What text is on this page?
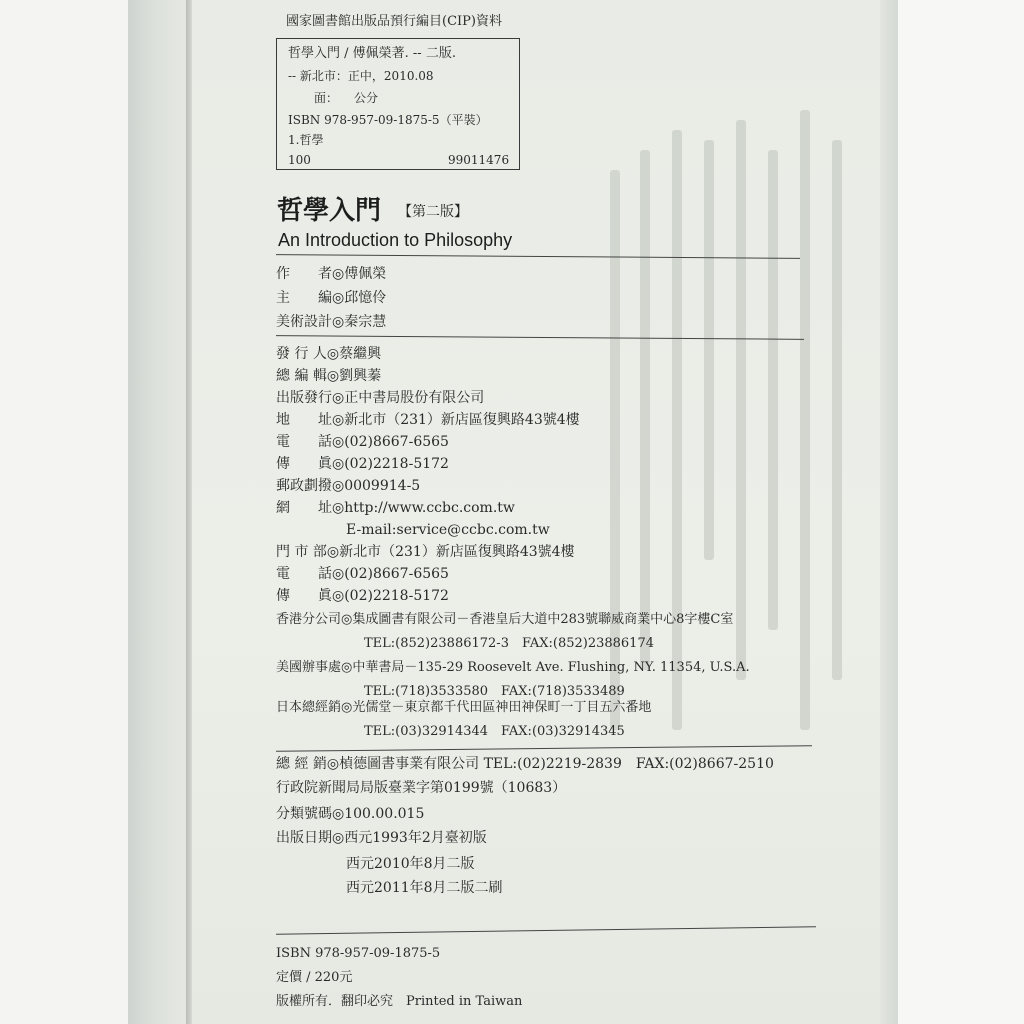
國家圖書館出版品預行編目(CIP)資料
哲學入門 / 傅佩榮著. -- 二版.
-- 新北市：正中，2010.08
面： 公分
ISBN 978-957-09-1875-5（平裝）
1.哲學
100	99011476
哲學入門 【第二版】
An Introduction to Philosophy
作　　者◎傅佩榮
主　　編◎邱憶伶
美術設計◎秦宗慧
發 行 人◎蔡繼興
總 編 輯◎劉興蓁
出版發行◎正中書局股份有限公司
地　　址◎新北市（231）新店區復興路43號4樓
電　　話◎(02)8667-6565
傳　　眞◎(02)2218-5172
郵政劃撥◎0009914-5
網　　址◎http://www.ccbc.com.tw
E-mail:service@ccbc.com.tw
門 市 部◎新北市（231）新店區復興路43號4樓
電　　話◎(02)8667-6565
傳　　眞◎(02)2218-5172
香港分公司◎集成圖書有限公司－香港皇后大道中283號聯威商業中心8字樓C室
TEL:(852)23886172-3　FAX:(852)23886174
美國辦事處◎中華書局－135-29 Roosevelt Ave. Flushing, NY. 11354, U.S.A.
TEL:(718)3533580　FAX:(718)3533489
日本總經銷◎光儒堂－東京都千代田區神田神保町一丁目五六番地
TEL:(03)32914344　FAX:(03)32914345
總 經 銷◎楨德圖書事業有限公司 TEL:(02)2219-2839　FAX:(02)8667-2510
行政院新聞局局版臺業字第0199號（10683）
分類號碼◎100.00.015
出版日期◎西元1993年2月臺初版
西元2010年8月二版
西元2011年8月二版二刷
ISBN 978-957-09-1875-5
定價 / 220元
版權所有．翻印必究　Printed in Taiwan
